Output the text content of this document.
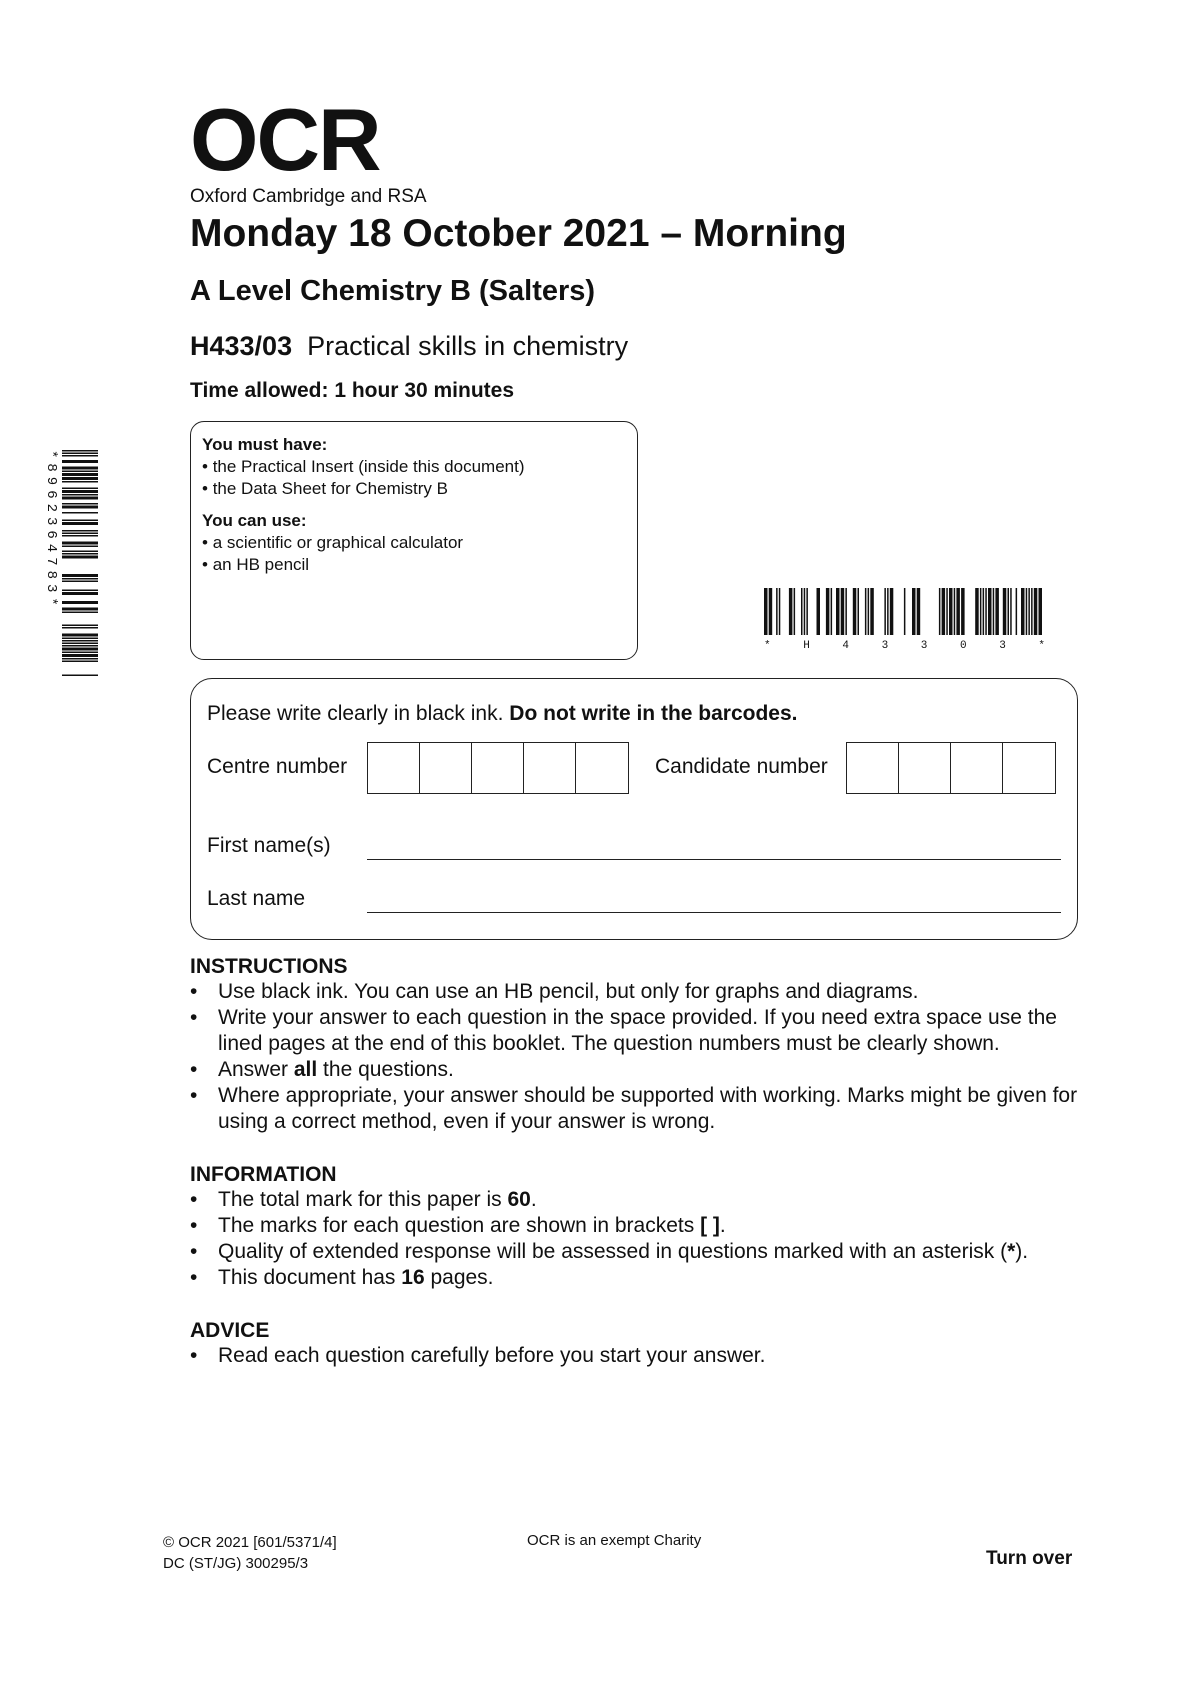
OCR
Oxford Cambridge and RSA
Monday 18 October 2021 – Morning
A Level Chemistry B (Salters)
H433/03 Practical skills in chemistry
Time allowed: 1 hour 30 minutes
*8962364783*
You must have:
• the Practical Insert (inside this document)
• the Data Sheet for Chemistry B
You can use:
• a scientific or graphical calculator
• an HB pencil
* H 4 3 3 0 3 *
Please write clearly in black ink. Do not write in the barcodes.
Centre number	Candidate number
First name(s)
Last name
INSTRUCTIONS
• Use black ink. You can use an HB pencil, but only for graphs and diagrams.
• Write your answer to each question in the space provided. If you need extra space use the lined pages at the end of this booklet. The question numbers must be clearly shown.
• Answer all the questions.
• Where appropriate, your answer should be supported with working. Marks might be given for using a correct method, even if your answer is wrong.
INFORMATION
• The total mark for this paper is 60.
• The marks for each question are shown in brackets [ ].
• Quality of extended response will be assessed in questions marked with an asterisk (*).
• This document has 16 pages.
ADVICE
• Read each question carefully before you start your answer.
© OCR 2021 [601/5371/4]
DC (ST/JG) 300295/3
OCR is an exempt Charity
Turn over
